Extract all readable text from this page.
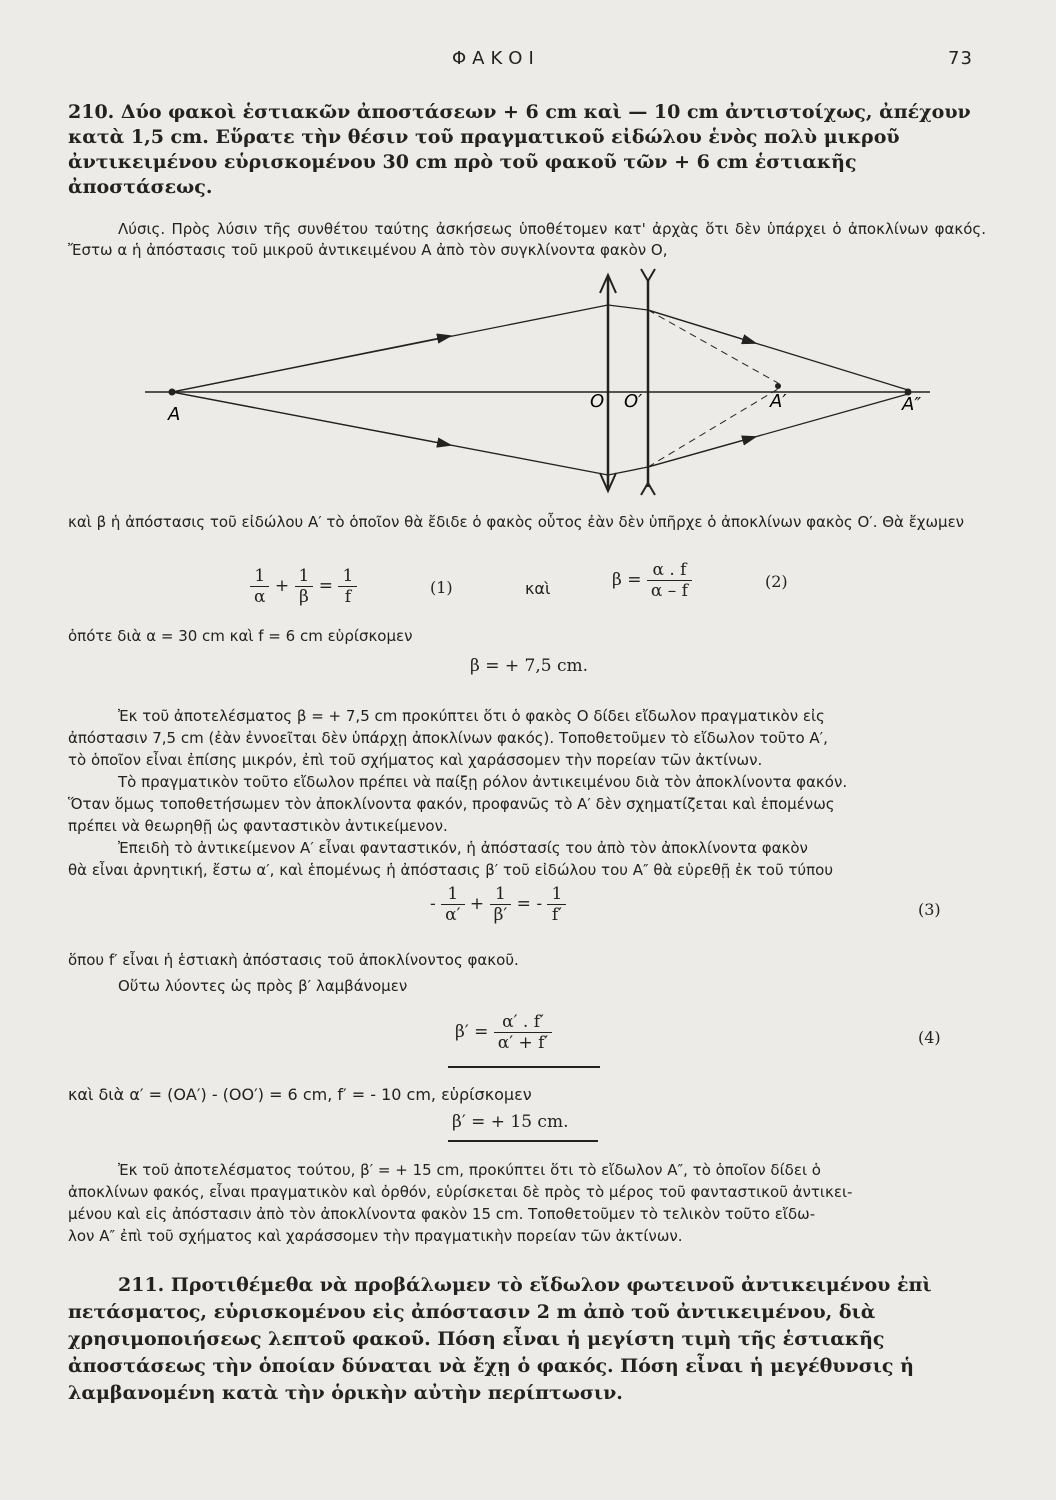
ΦΑΚΟΙ	73
210. Δύο φακοὶ ἑστιακῶν ἀποστάσεων + 6 cm καὶ — 10 cm ἀντιστοίχως, ἀπέχουν κατὰ 1,5 cm. Εὕρατε τὴν θέσιν τοῦ πραγματικοῦ εἰδώλου ἑνὸς πολὺ μικροῦ ἀντικειμένου εὑρισκομένου 30 cm πρὸ τοῦ φακοῦ τῶν + 6 cm ἑστιακῆς ἀποστάσεως.
Λύσις. Πρὸς λύσιν τῆς συνθέτου ταύτης ἀσκήσεως ὑποθέτομεν κατ' ἀρχὰς ὅτι δὲν ὑπάρχει ὁ ἀποκλίνων φακός. Ἔστω α ἡ ἀπόστασις τοῦ μικροῦ ἀντικειμένου Α ἀπὸ τὸν συγκλίνοντα φακὸν Ο,
A
O O′	A′	A″
καὶ β ἡ ἀπόστασις τοῦ εἰδώλου Α′ τὸ ὁποῖον θὰ ἔδιδε ὁ φακὸς οὗτος ἐὰν δὲν ὑπῆρχε ὁ ἀποκλίνων φακὸς Ο′. Θὰ ἔχωμεν
$\frac{1}{\alpha} + \frac{1}{\beta} = \frac{1}{f}$	(1)	καὶ	$\beta = \frac{\alpha . f}{\alpha - f}$	(2)
ὁπότε διὰ α = 30 cm καὶ f = 6 cm εὑρίσκομεν
β = + 7,5 cm.
Ἐκ τοῦ ἀποτελέσματος β = + 7,5 cm προκύπτει ὅτι ὁ φακὸς Ο δίδει εἴδωλον πραγματικὸν εἰς
ἀπόστασιν 7,5 cm (ἐὰν ἐννοεῖται δὲν ὑπάρχῃ ἀποκλίνων φακός). Τοποθετοῦμεν τὸ εἴδωλον τοῦτο Α′,
τὸ ὁποῖον εἶναι ἐπίσης μικρόν, ἐπὶ τοῦ σχήματος καὶ χαράσσομεν τὴν πορείαν τῶν ἀκτίνων.
Τὸ πραγματικὸν τοῦτο εἴδωλον πρέπει νὰ παίξῃ ρόλον ἀντικειμένου διὰ τὸν ἀποκλίνοντα φακόν.
Ὅταν ὅμως τοποθετήσωμεν τὸν ἀποκλίνοντα φακόν, προφανῶς τὸ Α′ δὲν σχηματίζεται καὶ ἑπομένως
πρέπει νὰ θεωρηθῇ ὡς φανταστικὸν ἀντικείμενον.
Ἐπειδὴ τὸ ἀντικείμενον Α′ εἶναι φανταστικόν, ἡ ἀπόστασίς του ἀπὸ τὸν ἀποκλίνοντα φακὸν
θὰ εἶναι ἀρνητική, ἔστω α′, καὶ ἑπομένως ἡ ἀπόστασις β′ τοῦ εἰδώλου του Α″ θὰ εὑρεθῇ ἐκ τοῦ τύπου
- $\frac{1}{\alpha'} + \frac{1}{\beta'}$ = - $\frac{1}{f'}$	(3)
ὅπου f′ εἶναι ἡ ἑστιακὴ ἀπόστασις τοῦ ἀποκλίνοντος φακοῦ.
Οὕτω λύοντες ὡς πρὸς β′ λαμβάνομεν
$\beta' = \frac{\alpha' . f'}{\alpha' + f'}$	(4)
καὶ διὰ α′ = (ΟΑ′) - (ΟΟ′) = 6 cm, f′ = - 10 cm, εὑρίσκομεν
β′ = + 15 cm.
Ἐκ τοῦ ἀποτελέσματος τούτου, β′ = + 15 cm, προκύπτει ὅτι τὸ εἴδωλον Α″, τὸ ὁποῖον δίδει ὁ
ἀποκλίνων φακός, εἶναι πραγματικὸν καὶ ὀρθόν, εὑρίσκεται δὲ πρὸς τὸ μέρος τοῦ φανταστικοῦ ἀντικει-
μένου καὶ εἰς ἀπόστασιν ἀπὸ τὸν ἀποκλίνοντα φακὸν 15 cm. Τοποθετοῦμεν τὸ τελικὸν τοῦτο εἴδω-
λον Α″ ἐπὶ τοῦ σχήματος καὶ χαράσσομεν τὴν πραγματικὴν πορείαν τῶν ἀκτίνων.
211. Προτιθέμεθα νὰ προβάλωμεν τὸ εἴδωλον φωτεινοῦ ἀντικειμένου ἐπὶ πετάσματος, εὑρισκομένου εἰς ἀπόστασιν 2 m ἀπὸ τοῦ ἀντικειμένου, διὰ χρησιμοποιήσεως λεπτοῦ φακοῦ. Πόση εἶναι ἡ μεγίστη τιμὴ τῆς ἑστιακῆς ἀποστάσεως τὴν ὁποίαν δύναται νὰ ἔχῃ ὁ φακός. Πόση εἶναι ἡ μεγέθυνσις ἡ λαμβανομένη κατὰ τὴν ὁρικὴν αὐτὴν περίπτωσιν.
